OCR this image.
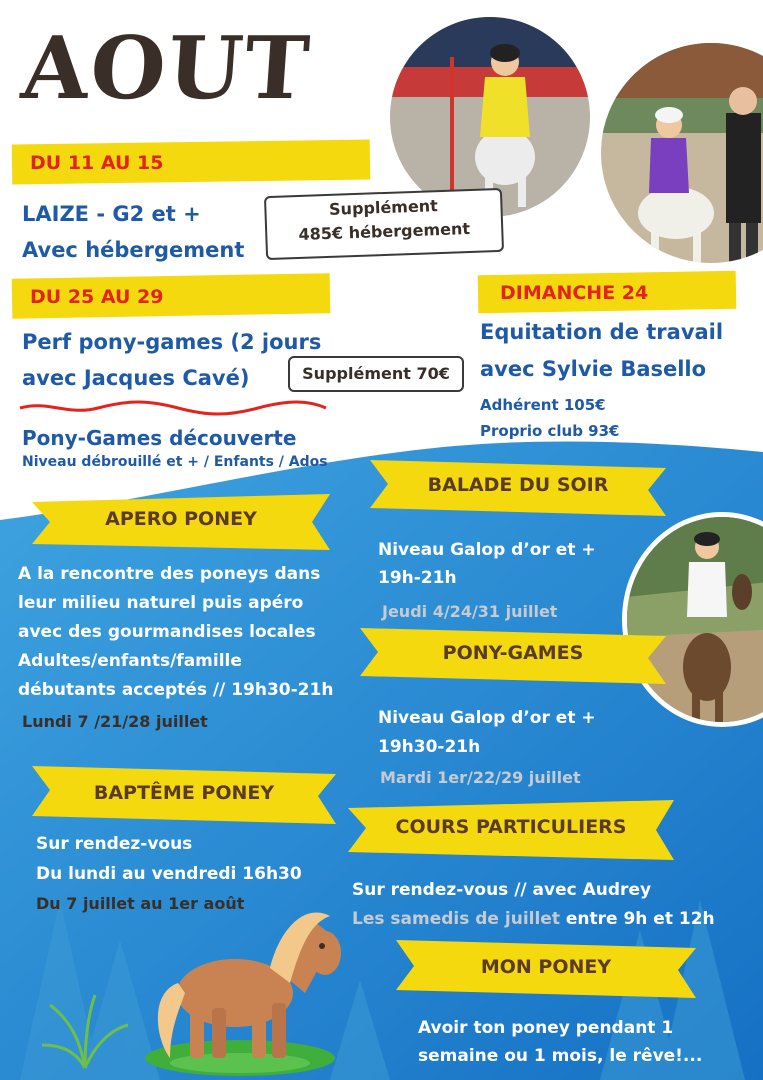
AOUT
DU 11 AU 15
LAIZE - G2 et +
Avec hébergement
Supplément
485€ hébergement
DU 25 AU 29
Perf pony-games (2 jours
avec Jacques Cavé)	Supplément 70€
DIMANCHE 24
Equitation de travail
avec Sylvie Basello
Adhérent 105€
Proprio club 93€
Pony-Games découverte
Niveau débrouillé et + / Enfants / Ados
APERO PONEY
BALADE DU SOIR
PONY-GAMES
BAPTÊME PONEY
COURS PARTICULIERS
MON PONEY
A la rencontre des poneys dans
leur milieu naturel puis apéro
avec des gourmandises locales
Adultes/enfants/famille
débutants acceptés // 19h30-21h
Lundi 7 /21/28 juillet
Niveau Galop d’or et +
19h-21h
Jeudi 4/24/31 juillet
Niveau Galop d’or et +
19h30-21h
Mardi 1er/22/29 juillet
Sur rendez-vous
Du lundi au vendredi 16h30
Du 7 juillet au 1er août
Sur rendez-vous // avec Audrey
Les samedis de juillet entre 9h et 12h
Avoir ton poney pendant 1
semaine ou 1 mois, le rêve!...
